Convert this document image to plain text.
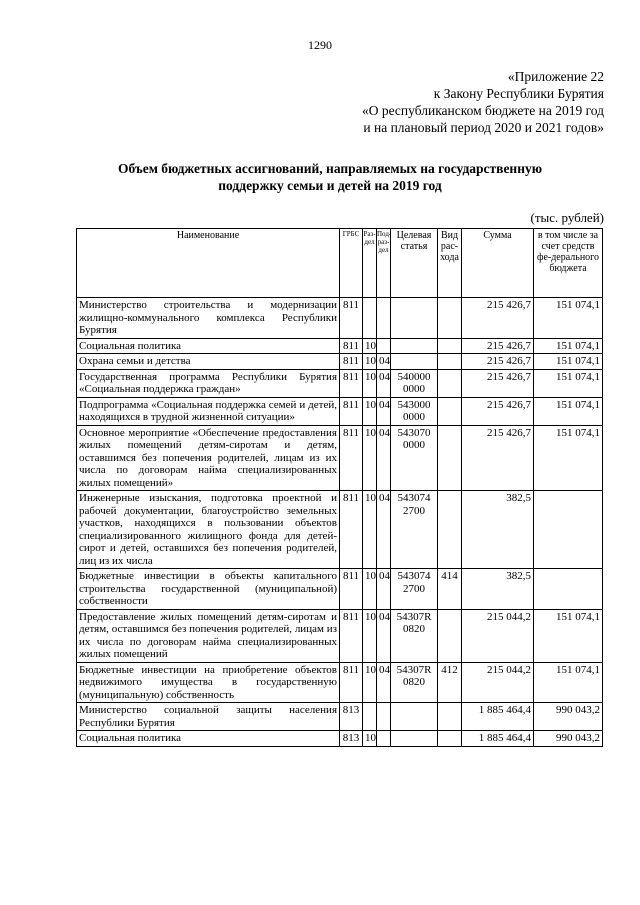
1290
«Приложение 22
к Закону Республики Бурятия
«О республиканском бюджете на 2019 год
и на плановый период 2020 и 2021 годов»
Объем бюджетных ассигнований, направляемых на государственную
поддержку семьи и детей на 2019 год
(тыс. рублей)
Наименование	ГРБС	Раз-дел	Под-раз-дел	Целевая статья	Вид рас-хода	Сумма	в том числе за счет средств фе-дерального бюджета
Министерство строительства и модернизации жилищно-коммунального комплекса Республики Бурятия	811					215 426,7	151 074,1
Социальная политика	811	10				215 426,7	151 074,1
Охрана семьи и детства	811	10	04			215 426,7	151 074,1
Государственная программа Республики Бурятия «Социальная поддержка граждан»	811	10	04	540000 0000		215 426,7	151 074,1
Подпрограмма «Социальная поддержка семей и детей, находящихся в трудной жизненной ситуации»	811	10	04	543000 0000		215 426,7	151 074,1
Основное мероприятие «Обеспечение предоставления жилых помещений детям-сиротам и детям, оставшимся без попечения родителей, лицам из их числа по договорам найма специализированных жилых помещений»	811	10	04	543070 0000		215 426,7	151 074,1
Инженерные изыскания, подготовка проектной и рабочей документации, благоустройство земельных участков, находящихся в пользовании объектов специализированного жилищного фонда для детей-сирот и детей, оставшихся без попечения родителей, лиц из их числа	811	10	04	543074 2700		382,5	
Бюджетные инвестиции в объекты капитального строительства государственной (муниципальной) собственности	811	10	04	543074 2700	414	382,5	
Предоставление жилых помещений детям-сиротам и детям, оставшимся без попечения родителей, лицам из их числа по договорам найма специализированных жилых помещений	811	10	04	54307R 0820		215 044,2	151 074,1
Бюджетные инвестиции на приобретение объектов недвижимого имущества в государственную (муниципальную) собственность	811	10	04	54307R 0820	412	215 044,2	151 074,1
Министерство социальной защиты населения Республики Бурятия	813					1 885 464,4	990 043,2
Социальная политика	813	10				1 885 464,4	990 043,2
